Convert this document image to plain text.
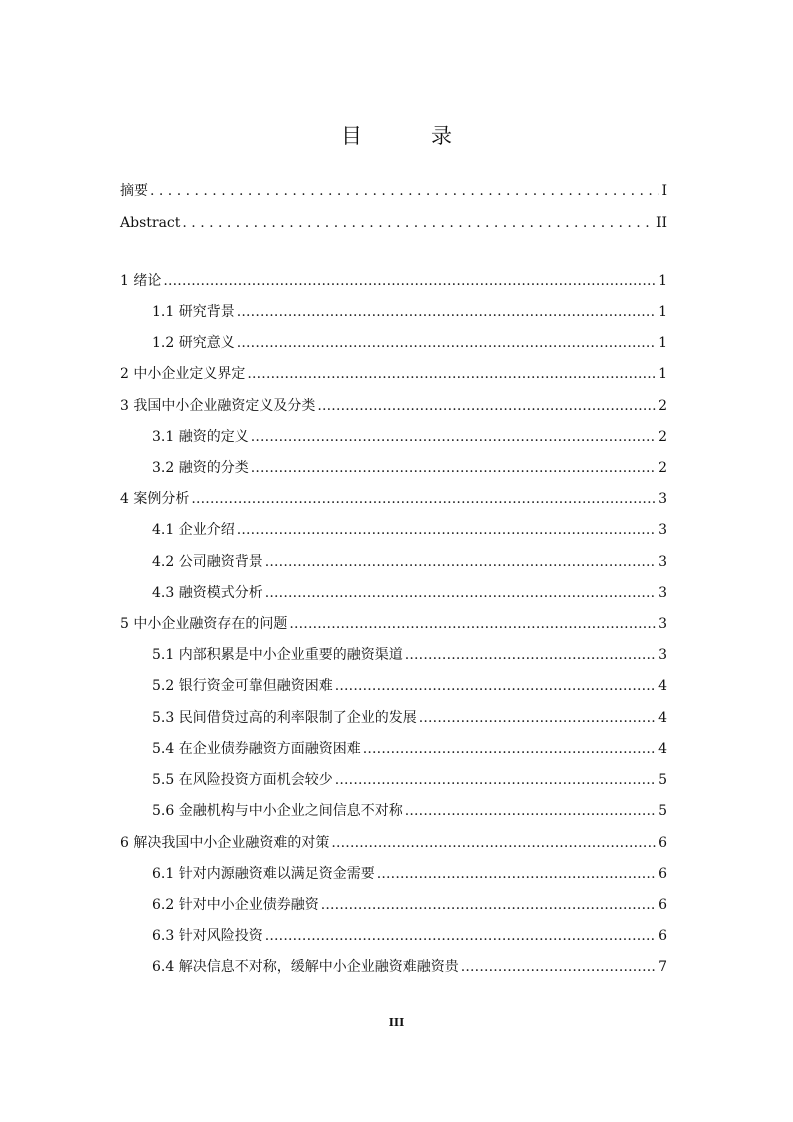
目　录
摘要 . . .	I
Abstract . . .	II
1 绪论 .....	1
1.1 研究背景 .....	1
1.2 研究意义 .....	1
2 中小企业定义界定 .....	1
3 我国中小企业融资定义及分类 .....	2
3.1 融资的定义 .....	2
3.2 融资的分类 .....	2
4 案例分析 .....	3
4.1 企业介绍 .....	3
4.2 公司融资背景 .....	3
4.3 融资模式分析 .....	3
5 中小企业融资存在的问题 .....	3
5.1 内部积累是中小企业重要的融资渠道 .....	3
5.2 银行资金可靠但融资困难 .....	4
5.3 民间借贷过高的利率限制了企业的发展 .....	4
5.4 在企业债券融资方面融资困难 .....	4
5.5 在风险投资方面机会较少 .....	5
5.6 金融机构与中小企业之间信息不对称 .....	5
6 解决我国中小企业融资难的对策 .....	6
6.1 针对内源融资难以满足资金需要 .....	6
6.2 针对中小企业债券融资 .....	6
6.3 针对风险投资 .....	6
6.4 解决信息不对称，缓解中小企业融资难融资贵 .....	7
III
